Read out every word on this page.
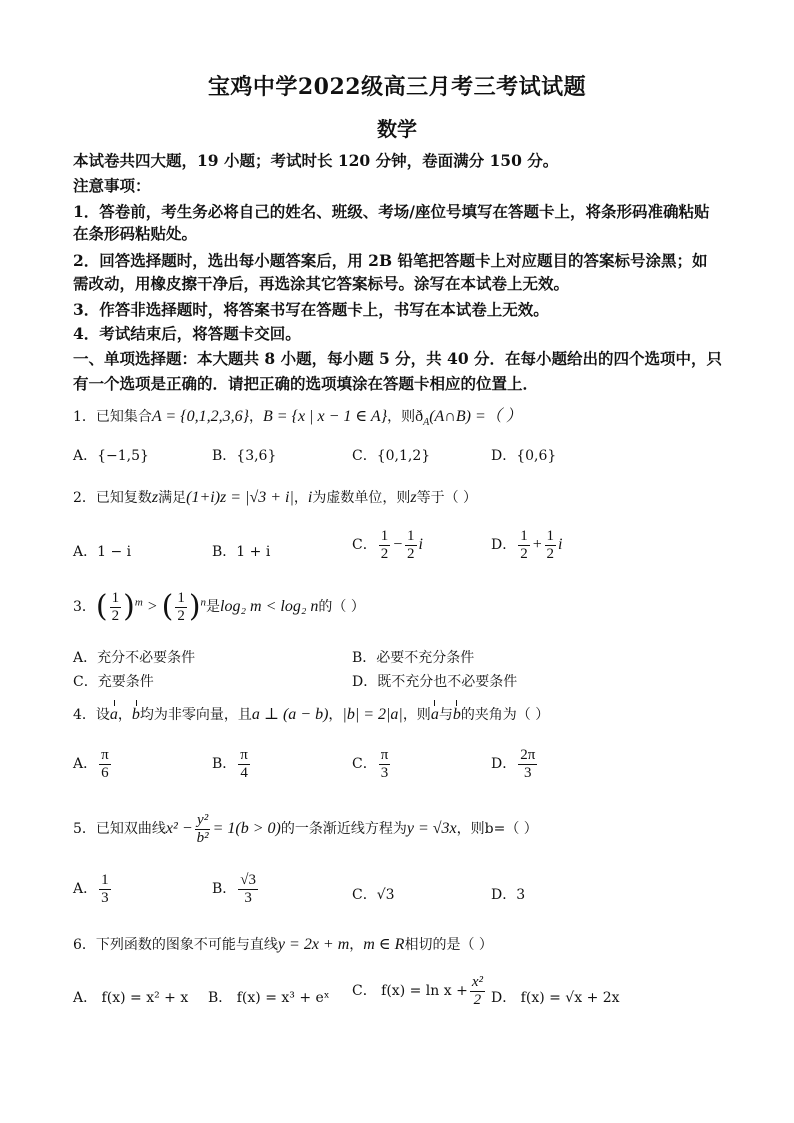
宝鸡中学2022级高三月考三考试试题
数学
本试卷共四大题，19 小题；考试时长 120 分钟，卷面满分 150 分。
注意事项：
1．答卷前，考生务必将自己的姓名、班级、考场/座位号填写在答题卡上，将条形码准确粘贴
在条形码粘贴处。
2．回答选择题时，选出每小题答案后，用 2B 铅笔把答题卡上对应题目的答案标号涂黑；如
需改动，用橡皮擦干净后，再选涂其它答案标号。涂写在本试卷上无效。
3．作答非选择题时，将答案书写在答题卡上，书写在本试卷上无效。
4．考试结束后，将答题卡交回。
一、单项选择题：本大题共 8 小题，每小题 5 分，共 40 分．在每小题给出的四个选项中，只
有一个选项是正确的．请把正确的选项填涂在答题卡相应的位置上．
1．已知集合A = {0,1,2,3,6}，B = {x | x − 1 ∈ A}，则$ð_A(A\cap B)$ =（ ）
A．{−1,5}	B．{3,6}	C．{0,1,2}	D．{0,6}
2．已知复数z满足(1+i)z = |√3 + i|，i为虚数单位，则z等于（ ）
A．1 − i	B．1 + i	C． $\frac{1}{2} - \frac{1}{2}$ i	D． $\frac{1}{2} + \frac{1}{2}$ i
3．( $\frac{1}{2} )^m$ > ( $\frac{1}{2} )^n$是log₂ m < log₂ n的（ ）
A．充分不必要条件	B．必要不充分条件
C．充要条件	D．既不充分也不必要条件
4．设a，b均为非零向量，且a ⊥ (a − b)，|b| = 2|a|，则a与b的夹角为（ ）
A． $\frac{\pi}{6}$	B． $\frac{\pi}{4}$	C． $\frac{\pi}{3}$	D． $\frac{2\pi}{3}$
5．已知双曲线$x^2 - \frac{\text{y²}}{\text{b²}} = 1(b > 0)$的一条渐近线方程为y = √3x，则b=（ ）
A． $\frac{1}{3}$	B． $\frac{√3}{3}$	C．√3	D．3
6．下列函数的图象不可能与直线y = 2x + m，m ∈ R相切的是（ ）
A． f(x) = x² + x B． f(x) = x³ + eˣ C． $f(x) = \ln x + \frac{\text{x²}}{2}$ D． f(x) = √x + 2x
